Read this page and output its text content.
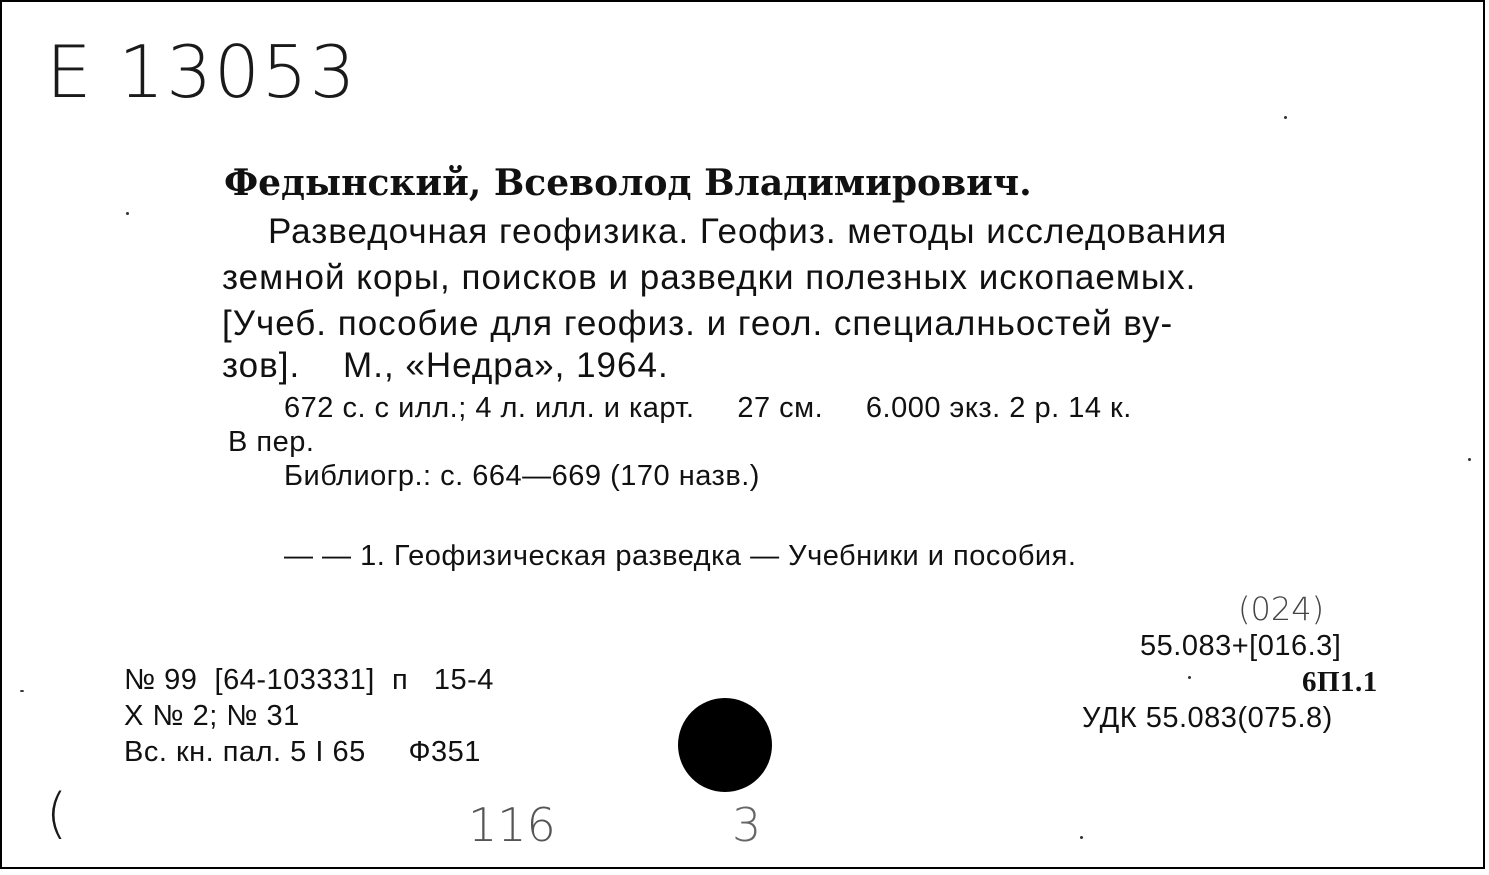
Е 13053
Федынский, Всеволод Владимирович.
Разведочная геофизика. Геофиз. методы исследования
земной коры, поисков и разведки полезных ископаемых.
[Учеб. пособие для геофиз. и геол. специалньостей ву-
зов].    М., «Недра», 1964.
672 с. с илл.; 4 л. илл. и карт.     27 см.     6.000 экз. 2 р. 14 к.
В пер.
Библиогр.: с. 664—669 (170 назв.)
— — 1. Геофизическая разведка — Учебники и пособия.
(024)
55.083+[016.3]
6П1.1
УДК 55.083(075.8)
№ 99  [64-103331]  п   15-4
Х № 2; № 31
Вс. кн. пал. 5 I 65     Ф351
(	116	3
